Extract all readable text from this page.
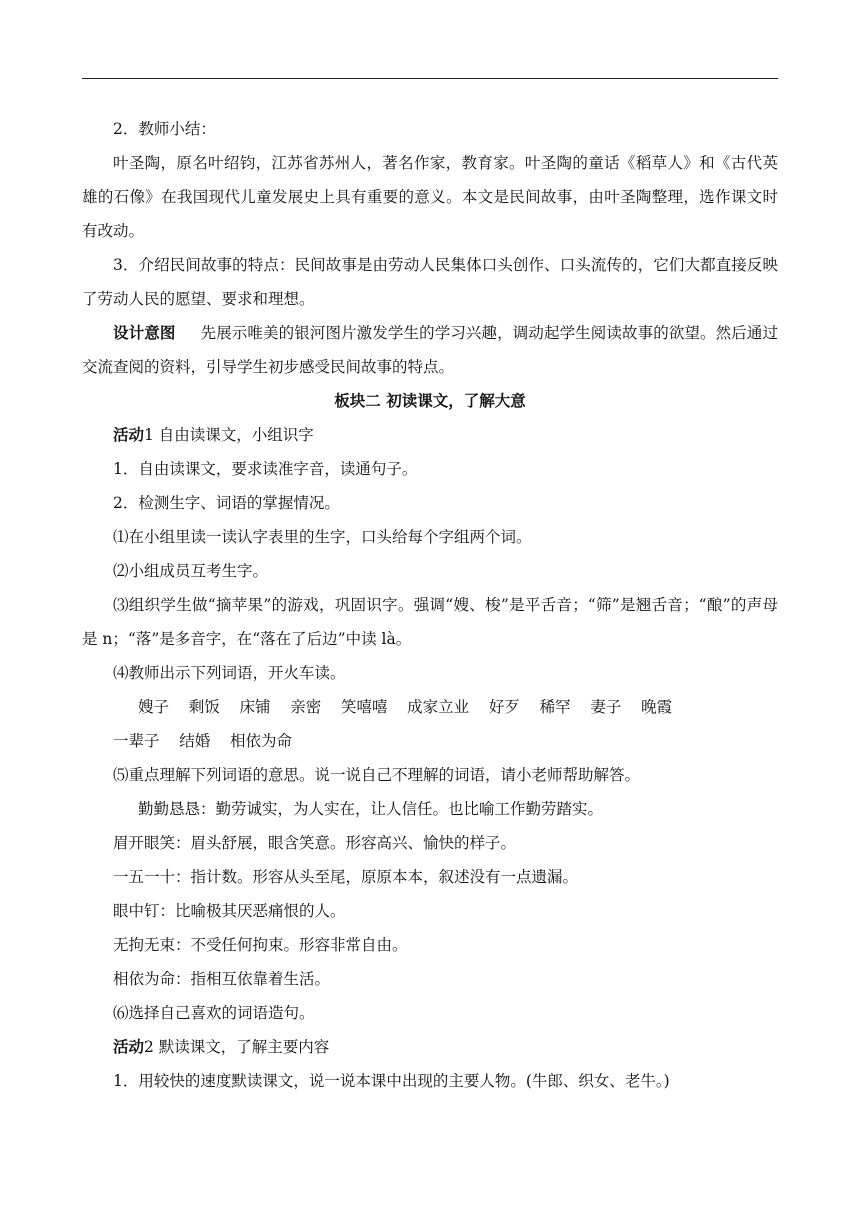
2．教师小结：

叶圣陶，原名叶绍钧，江苏省苏州人，著名作家，教育家。叶圣陶的童话《稻草人》和《古代英雄的石像》在我国现代儿童发展史上具有重要的意义。本文是民间故事，由叶圣陶整理，选作课文时有改动。

3．介绍民间故事的特点：民间故事是由劳动人民集体口头创作、口头流传的，它们大都直接反映了劳动人民的愿望、要求和理想。

设计意图 先展示唯美的银河图片激发学生的学习兴趣，调动起学生阅读故事的欲望。然后通过交流查阅的资料，引导学生初步感受民间故事的特点。

板块二 初读课文，了解大意

活动1 自由读课文，小组识字

1．自由读课文，要求读准字音，读通句子。

2．检测生字、词语的掌握情况。

⑴在小组里读一读认字表里的生字，口头给每个字组两个词。

⑵小组成员互考生字。

⑶组织学生做“摘苹果”的游戏，巩固识字。强调“嫂、梭”是平舌音；“筛”是翘舌音；“酿”的声母是 n；“落”是多音字，在“落在了后边”中读 là。

⑷教师出示下列词语，开火车读。

嫂子 剩饭 床铺 亲密 笑嘻嘻 成家立业 好歹 稀罕 妻子 晚霞

一辈子 结婚 相依为命

⑸重点理解下列词语的意思。说一说自己不理解的词语，请小老师帮助解答。

勤勤恳恳：勤劳诚实，为人实在，让人信任。也比喻工作勤劳踏实。

眉开眼笑：眉头舒展，眼含笑意。形容高兴、愉快的样子。

一五一十：指计数。形容从头至尾，原原本本，叙述没有一点遗漏。

眼中钉：比喻极其厌恶痛恨的人。

无拘无束：不受任何拘束。形容非常自由。

相依为命：指相互依靠着生活。

⑹选择自己喜欢的词语造句。

活动2 默读课文，了解主要内容

1．用较快的速度默读课文，说一说本课中出现的主要人物。(牛郎、织女、老牛。)
